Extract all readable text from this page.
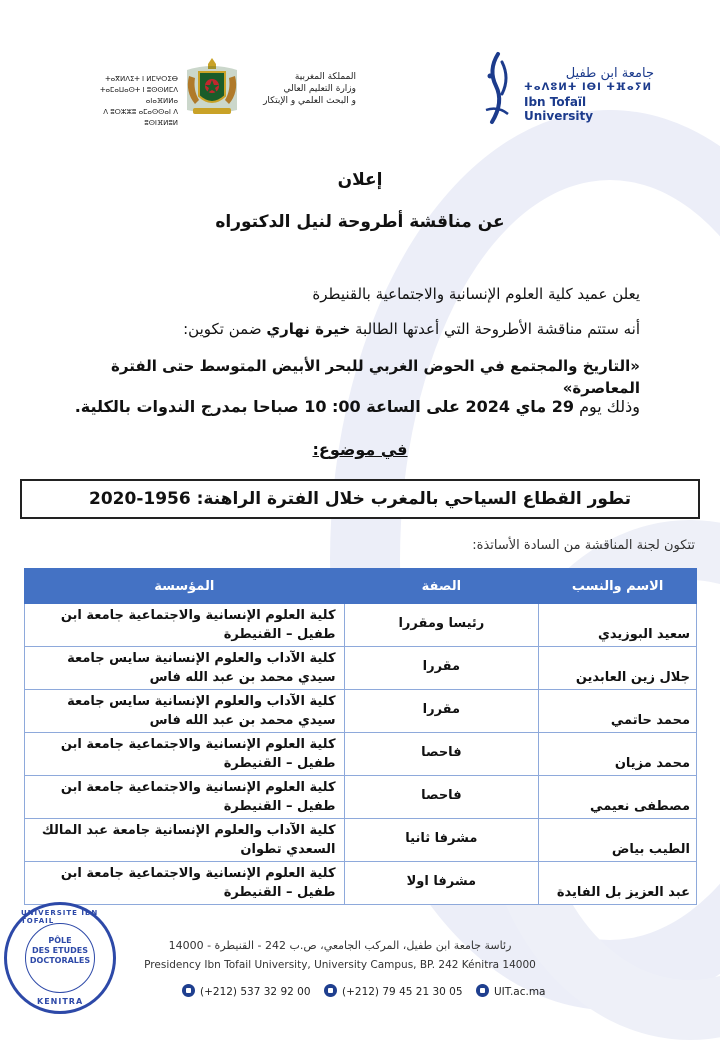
ⵜⴰⴳⵍⴷⵉⵜ ⵏ ⵍⵎⵖⵔⵉⴱ
ⵜⴰⵎⴰⵡⴰⵙⵜ ⵏ ⵓⵙⵙⵍⵎⴷ ⴰⵏⴰⴼⵍⵍⴰ
ⴷ ⵓⵔⵣⵣⵓ ⴰⵎⴰⵙⵙⴰⵏ ⴷ ⵓⵙⵏⴼⵍⵓⵍ
المملكة المغربية
وزارة التعليم العالي
و البحث العلمي و الإبتكار
جامعة ابن طفيل
ⵜⴰⴷⵓⵍⵜ ⵏⴱⵏ ⵜⴼⴰⵢⵍ
Ibn Tofaïl University
إعلان
عن مناقشة أطروحة لنيل الدكتوراه
يعلن عميد كلية العلوم الإنسانية والاجتماعية بالقنيطرة
أنه ستتم مناقشة الأطروحة التي أعدتها الطالبة خيرة نهاري ضمن تكوين:
«التاريخ والمجتمع في الحوض الغربي للبحر الأبيض المتوسط حتى الفترة المعاصرة»
وذلك يوم 29 ماي 2024 على الساعة 00: 10 صباحا بمدرج الندوات بالكلية.
في موضوع:
تطور القطاع السياحي بالمغرب خلال الفترة الراهنة: 1956-2020
تتكون لجنة المناقشة من السادة الأساتذة:
الاسم والنسب	الصفة	المؤسسة
سعيد البوزيدي	رئيسا ومقررا	كلية العلوم الإنسانية والاجتماعية جامعة ابن طفيل – القنيطرة
جلال زين العابدين	مقررا	كلية الآداب والعلوم الإنسانية سايس جامعة سيدي محمد بن عبد الله فاس
محمد حاتمي	مقررا	كلية الآداب والعلوم الإنسانية سايس جامعة سيدي محمد بن عبد الله فاس
محمد مزيان	فاحصا	كلية العلوم الإنسانية والاجتماعية جامعة ابن طفيل – القنيطرة
مصطفى نعيمي	فاحصا	كلية العلوم الإنسانية والاجتماعية جامعة ابن طفيل – القنيطرة
الطيب بياض	مشرفا ثانيا	كلية الآداب والعلوم الإنسانية جامعة عبد المالك السعدي تطوان
عبد العزيز بل الفايدة	مشرفا اولا	كلية العلوم الإنسانية والاجتماعية جامعة ابن طفيل – القنيطرة
UNIVERSITE IBN TOFAIL
PÔLE
DES ETUDES
DOCTORALES
KENITRA
رئاسة جامعة ابن طفيل، المركب الجامعي، ص.ب 242 - القنيطرة - 14000
Presidency Ibn Tofail University, University Campus, BP. 242 Kénitra 14000
(+212) 537 32 92 00	(+212) 79 45 21 30 05	UIT.ac.ma
